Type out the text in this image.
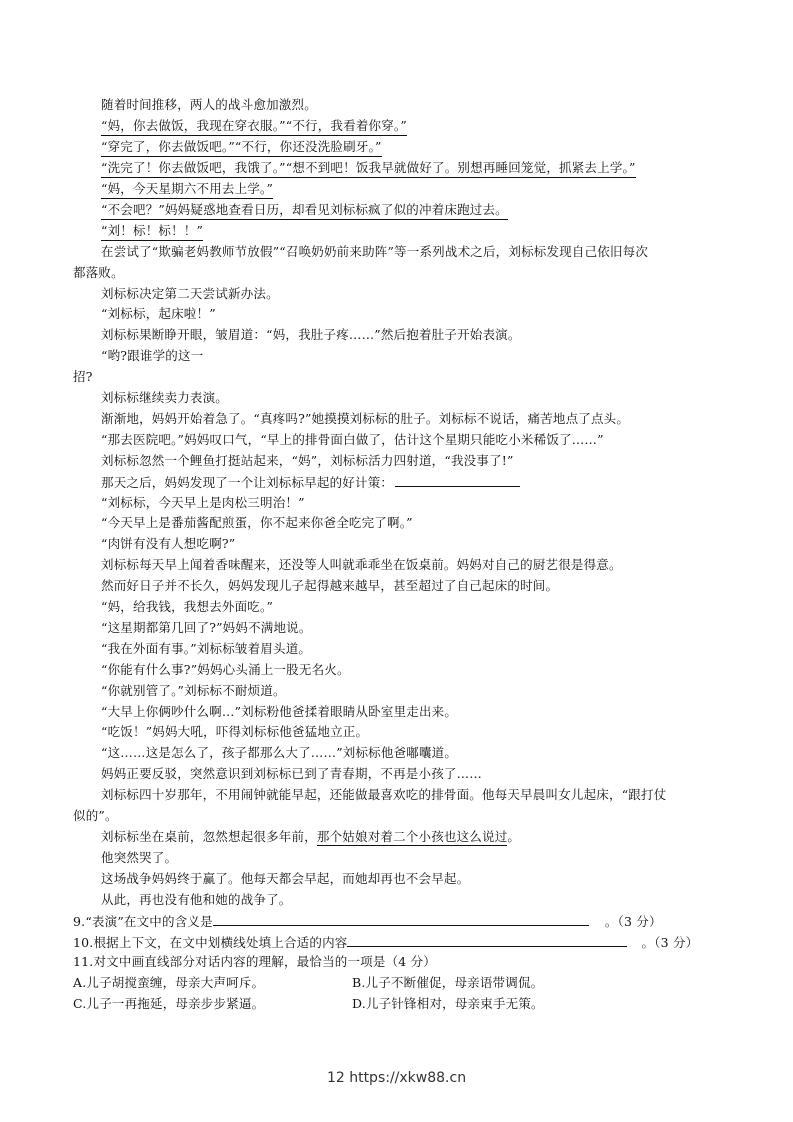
随着时间推移，两人的战斗愈加激烈。
“妈，你去做饭，我现在穿衣服。”“不行，我看着你穿。”
“穿完了，你去做饭吧。”“不行，你还没洗脸刷牙。”
“洗完了！你去做饭吧，我饿了。”“想不到吧！饭我早就做好了。别想再睡回笼觉，抓紧去上学。”
“妈，今天星期六不用去上学。”
“不会吧？”妈妈疑惑地查看日历，却看见刘标标疯了似的冲着床跑过去。
“刘！标！标！！”
在尝试了“欺骗老妈教师节放假”“召唤奶奶前来助阵”等一系列战术之后，刘标标发现自己依旧每次
都落败。
刘标标决定第二天尝试新办法。
“刘标标，起床啦！”
刘标标果断睁开眼，皱眉道：“妈，我肚子疼……”然后抱着肚子开始表演。
“哟?跟谁学的这一
招?
刘标标继续卖力表演。
渐渐地，妈妈开始着急了。“真疼吗?”她摸摸刘标标的肚子。刘标标不说话，痛苦地点了点头。
“那去医院吧。”妈妈叹口气，“早上的排骨面白做了，估计这个星期只能吃小米稀饭了……”
刘标标忽然一个鲤鱼打挺站起来，“妈”，刘标标活力四射道，“我没事了!”
那天之后，妈妈发现了一个让刘标标早起的好计策：
“刘标标，今天早上是肉松三明治！”
“今天早上是番茄酱配煎蛋，你不起来你爸全吃完了啊。”
“肉饼有没有人想吃啊?”
刘标标每天早上闻着香味醒来，还没等人叫就乖乖坐在饭桌前。妈妈对自己的厨艺很是得意。
然而好日子并不长久，妈妈发现儿子起得越来越早，甚至超过了自己起床的时间。
“妈，给我钱，我想去外面吃。”
“这星期都第几回了?”妈妈不满地说。
“我在外面有事。”刘标标皱着眉头道。
“你能有什么事?”妈妈心头涌上一股无名火。
“你就别管了。”刘标标不耐烦道。
“大早上你俩吵什么啊…”刘标粉他爸揉着眼睛从卧室里走出来。
“吃饭！”妈妈大吼，吓得刘标标他爸猛地立正。
“这……这是怎么了，孩子都那么大了……”刘标标他爸嘟囔道。
妈妈正要反驳，突然意识到刘标标已到了青春期，不再是小孩了……
刘标标四十岁那年，不用闹钟就能早起，还能做最喜欢吃的排骨面。他每天早晨叫女儿起床，“跟打仗
似的”。
刘标标坐在桌前，忽然想起很多年前，那个姑娘对着二个小孩也这么说过。
他突然哭了。
这场战争妈妈终于赢了。他每天都会早起，而她却再也不会早起。
从此，再也没有他和她的战争了。
9.“表演”在文中的含义是	。（3 分）
10.根据上下文，在文中划横线处填上合适的内容	。（3 分）
11.对文中画直线部分对话内容的理解，最恰当的一项是（4 分）
A.儿子胡搅蛮缠，母亲大声呵斥。	B.儿子不断催促，母亲语带调侃。
C.儿子一再拖延，母亲步步紧逼。	D.儿子针锋相对，母亲束手无策。
12 https://xkw88.cn
